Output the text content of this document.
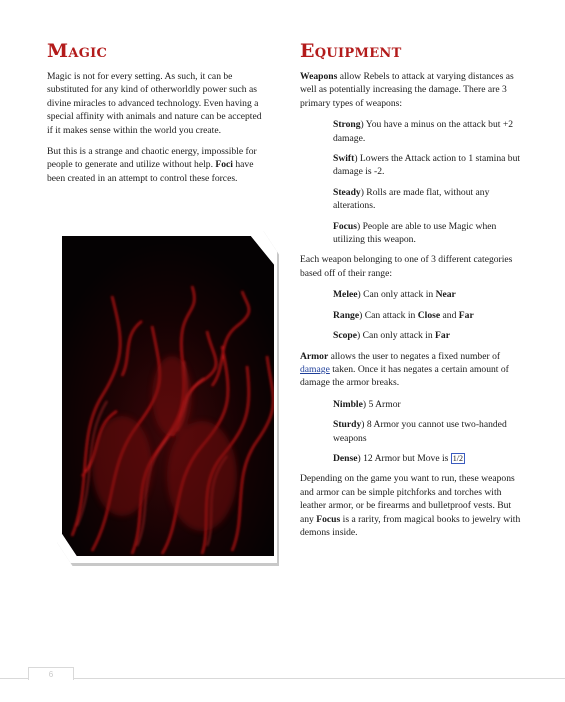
Magic

Magic is not for every setting. As such, it can be substituted for any kind of otherworldly power such as divine miracles to advanced technology. Even having a special affinity with animals and nature can be accepted if it makes sense within the world you create.

But this is a strange and chaotic energy, impossible for people to generate and utilize without help. Foci have been created in an attempt to control these forces.

Equipment

Weapons allow Rebels to attack at varying distances as well as potentially increasing the damage. There are 3 primary types of weapons:

Strong) You have a minus on the attack but +2 damage.

Swift) Lowers the Attack action to 1 stamina but damage is -2.

Steady) Rolls are made flat, without any alterations.

Focus) People are able to use Magic when utilizing this weapon.

Each weapon belonging to one of 3 different categories based off of their range:

Melee) Can only attack in Near

Range) Can attack in Close and Far

Scope) Can only attack in Far

Armor allows the user to negates a fixed number of damage taken. Once it has negates a certain amount of damage the armor breaks.

Nimble) 5 Armor

Sturdy) 8 Armor you cannot use two-handed weapons

Dense) 12 Armor but Move is 1/2

Depending on the game you want to run, these weapons and armor can be simple pitchforks and torches with leather armor, or be firearms and bulletproof vests. But any Focus is a rarity, from magical books to jewelry with demons inside.

6
